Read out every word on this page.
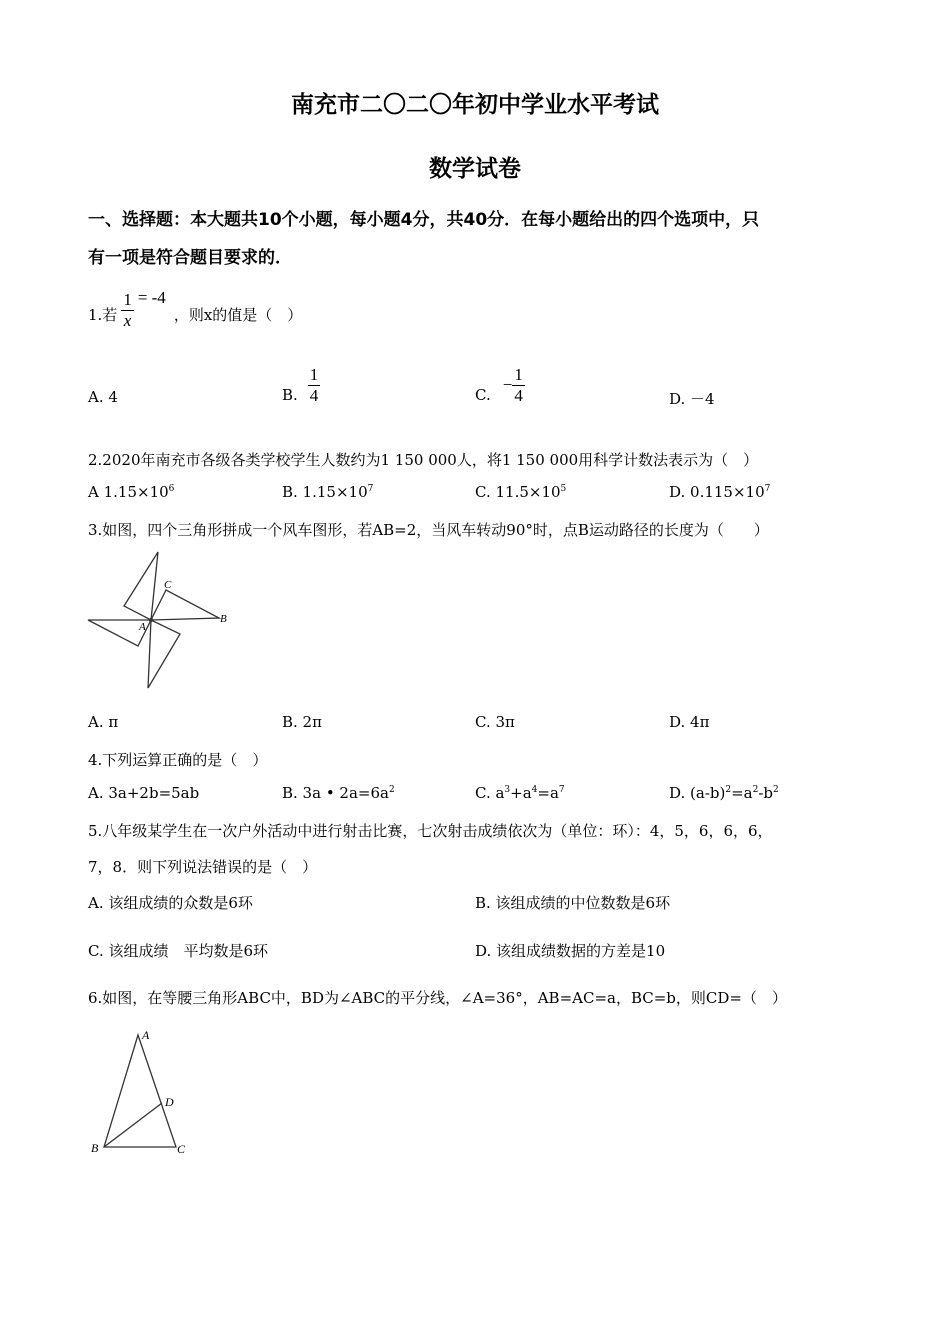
南充市二〇二〇年初中学业水平考试
数学试卷
一、选择题：本大题共10个小题，每小题4分，共40分．在每小题给出的四个选项中，只
有一项是符合题目要求的．
1.若 $\frac{1}{x} = -4$
，则x的值是（　）
A. 4	B. $\frac{1}{4}$	C.
− $\frac{1}{4}$	D. －4
2.2020年南充市各级各类学校学生人数约为1 150 000人，将1 150 000用科学计数法表示为（　）
A $1.15\times 10^6$	B. $1.15\times 10^7$	C. $11.5\times 10^5$	D. $0.115\times 10^7$
3.如图，四个三角形拼成一个风车图形，若AB=2，当风车转动90°时，点B运动路径的长度为（　　）
C
B
A
A. π	B. 2π	C. 3π	D. 4π
4.下列运算正确的是（　）
A. 3a+2b=5ab	B. 3a • $2a=6a^2$	C. $a^3+a^4=a^7$	D. $(a-b)^2=a^2-b^2$
5.八年级某学生在一次户外活动中进行射击比赛，七次射击成绩依次为（单位：环）：4，5，6，6，6，
7，8．则下列说法错误的是（　）
A. 该组成绩的众数是6环	B. 该组成绩的中位数数是6环
C. 该组成绩　平均数是6环	D. 该组成绩数据的方差是10
6.如图，在等腰三角形ABC中，BD为∠ABC的平分线，∠A=36°，AB=AC=a，BC=b，则CD=（　）
A
B	C
D
